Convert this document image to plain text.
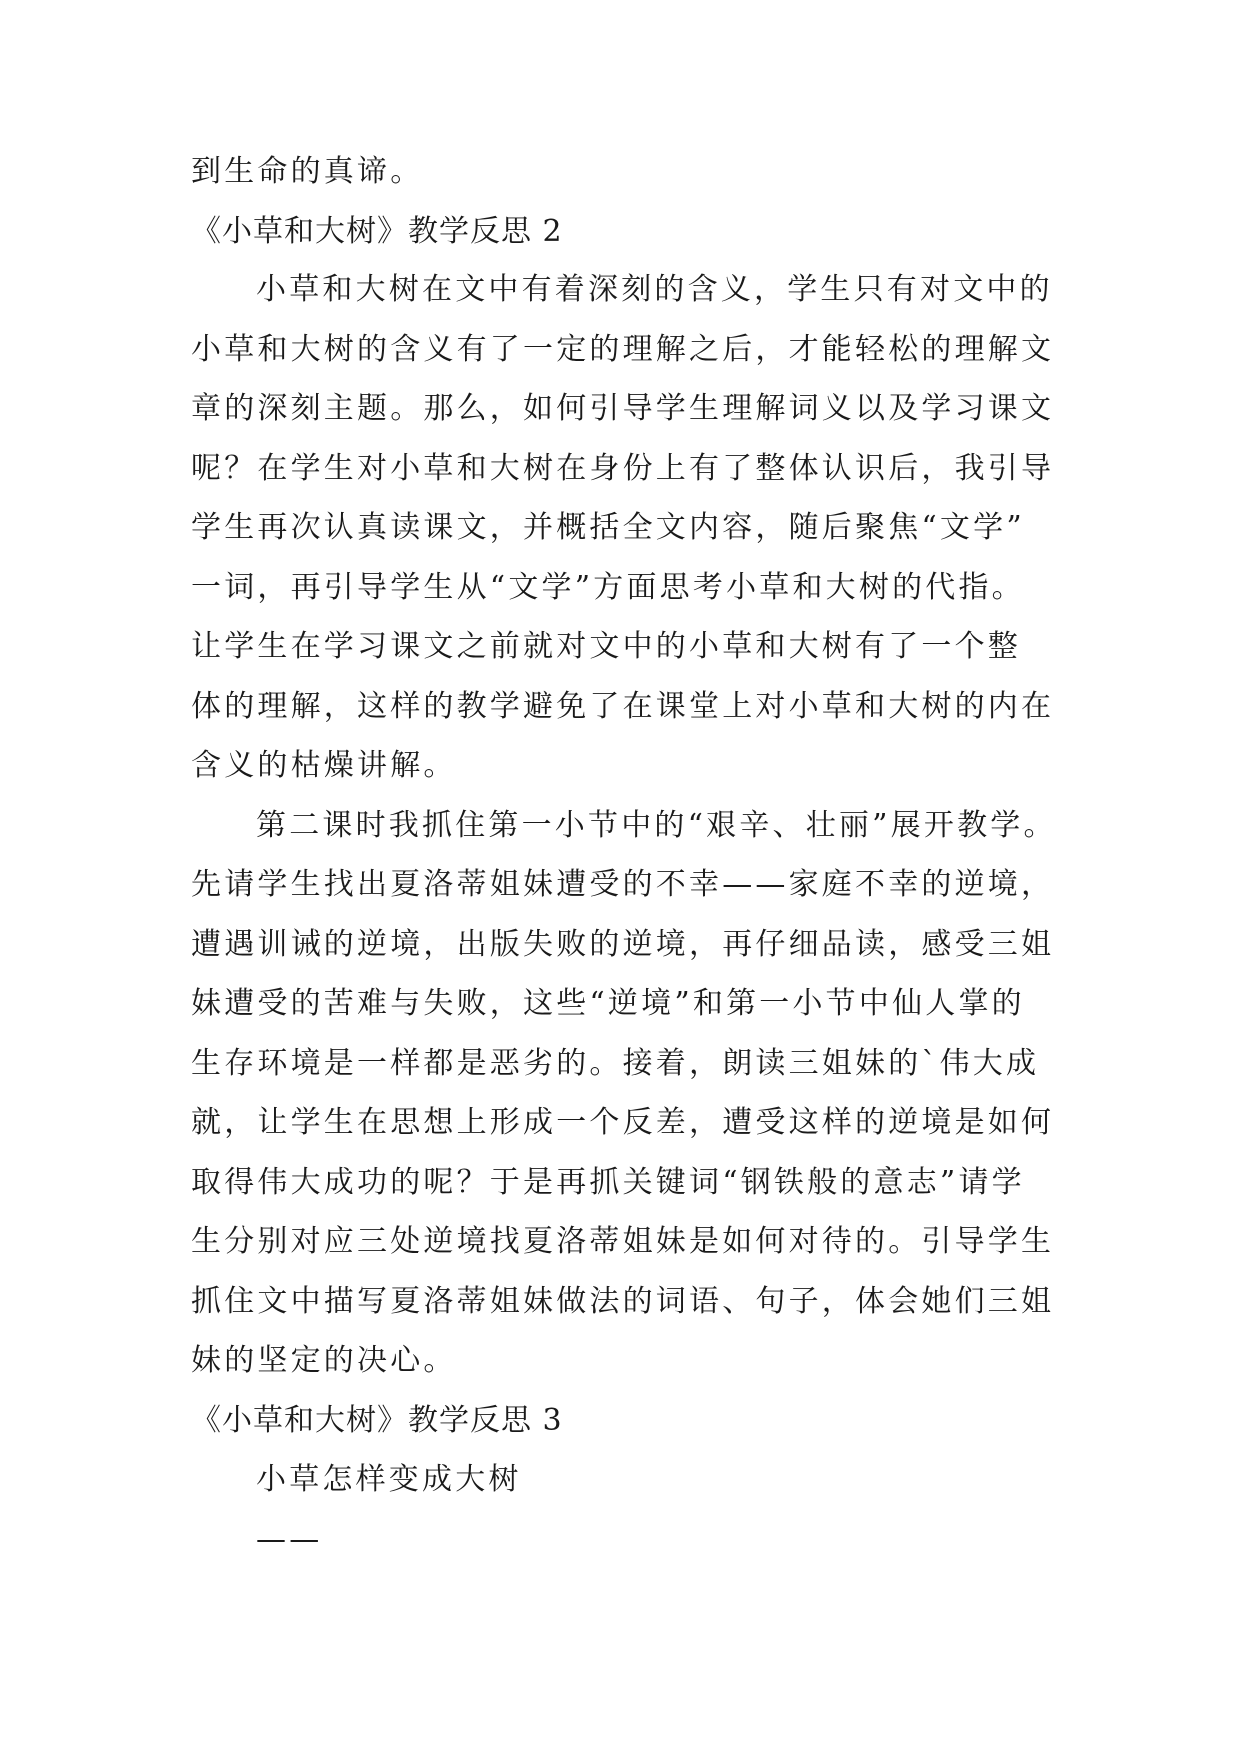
到生命的真谛。
《小草和大树》教学反思 2
小草和大树在文中有着深刻的含义，学生只有对文中的
小草和大树的含义有了一定的理解之后，才能轻松的理解文
章的深刻主题。那么，如何引导学生理解词义以及学习课文
呢？在学生对小草和大树在身份上有了整体认识后，我引导
学生再次认真读课文，并概括全文内容，随后聚焦“文学”
一词，再引导学生从“文学”方面思考小草和大树的代指。
让学生在学习课文之前就对文中的小草和大树有了一个整
体的理解，这样的教学避免了在课堂上对小草和大树的内在
含义的枯燥讲解。
第二课时我抓住第一小节中的“艰辛、壮丽”展开教学。
先请学生找出夏洛蒂姐妹遭受的不幸——家庭不幸的逆境，
遭遇训诫的逆境，出版失败的逆境，再仔细品读，感受三姐
妹遭受的苦难与失败，这些“逆境”和第一小节中仙人掌的
生存环境是一样都是恶劣的。接着，朗读三姐妹的`伟大成
就，让学生在思想上形成一个反差，遭受这样的逆境是如何
取得伟大成功的呢？于是再抓关键词“钢铁般的意志”请学
生分别对应三处逆境找夏洛蒂姐妹是如何对待的。引导学生
抓住文中描写夏洛蒂姐妹做法的词语、句子，体会她们三姐
妹的坚定的决心。
《小草和大树》教学反思 3
小草怎样变成大树
——
